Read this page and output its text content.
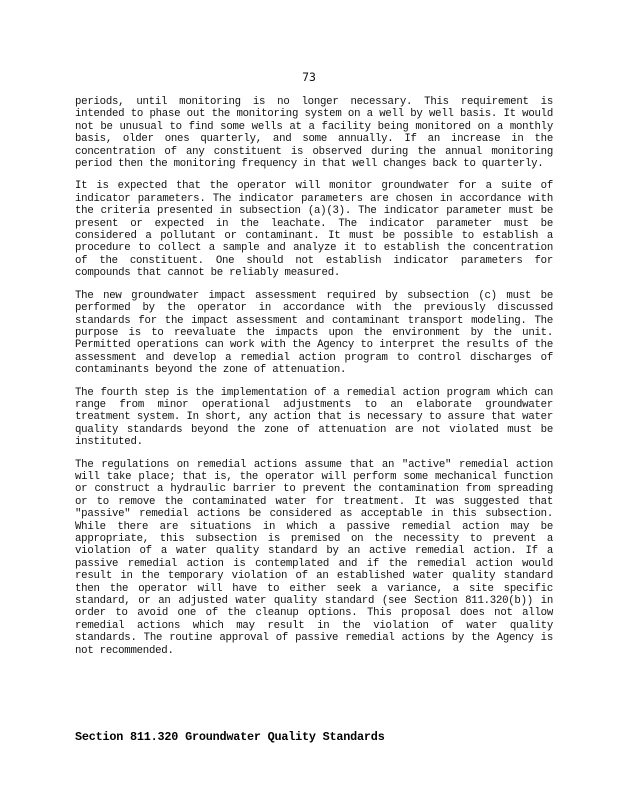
73

periods, until monitoring is no longer necessary. This requirement is intended to phase out the monitoring system on a well by well basis. It would not be unusual to find some wells at a facility being monitored on a monthly basis, older ones quarterly, and some annually. If an increase in the concentration of any constituent is observed during the annual monitoring period then the monitoring frequency in that well changes back to quarterly.

It is expected that the operator will monitor groundwater for a suite of indicator parameters. The indicator parameters are chosen in accordance with the criteria presented in subsection (a)(3). The indicator parameter must be present or expected in the leachate. The indicator parameter must be considered a pollutant or contaminant. It must be possible to establish a procedure to collect a sample and analyze it to establish the concentration of the constituent. One should not establish indicator parameters for compounds that cannot be reliably measured.

The new groundwater impact assessment required by subsection (c) must be performed by the operator in accordance with the previously discussed standards for the impact assessment and contaminant transport modeling. The purpose is to reevaluate the impacts upon the environment by the unit. Permitted operations can work with the Agency to interpret the results of the assessment and develop a remedial action program to control discharges of contaminants beyond the zone of attenuation.

The fourth step is the implementation of a remedial action program which can range from minor operational adjustments to an elaborate groundwater treatment system. In short, any action that is necessary to assure that water quality standards beyond the zone of attenuation are not violated must be instituted.

The regulations on remedial actions assume that an "active" remedial action will take place; that is, the operator will perform some mechanical function or construct a hydraulic barrier to prevent the contamination from spreading or to remove the contaminated water for treatment. It was suggested that "passive" remedial actions be considered as acceptable in this subsection. While there are situations in which a passive remedial action may be appropriate, this subsection is premised on the necessity to prevent a violation of a water quality standard by an active remedial action. If a passive remedial action is contemplated and if the remedial action would result in the temporary violation of an established water quality standard then the operator will have to either seek a variance, a site specific standard, or an adjusted water quality standard (see Section 811.320(b)) in order to avoid one of the cleanup options. This proposal does not allow remedial actions which may result in the violation of water quality standards. The routine approval of passive remedial actions by the Agency is not recommended.

Section 811.320 Groundwater Quality Standards
